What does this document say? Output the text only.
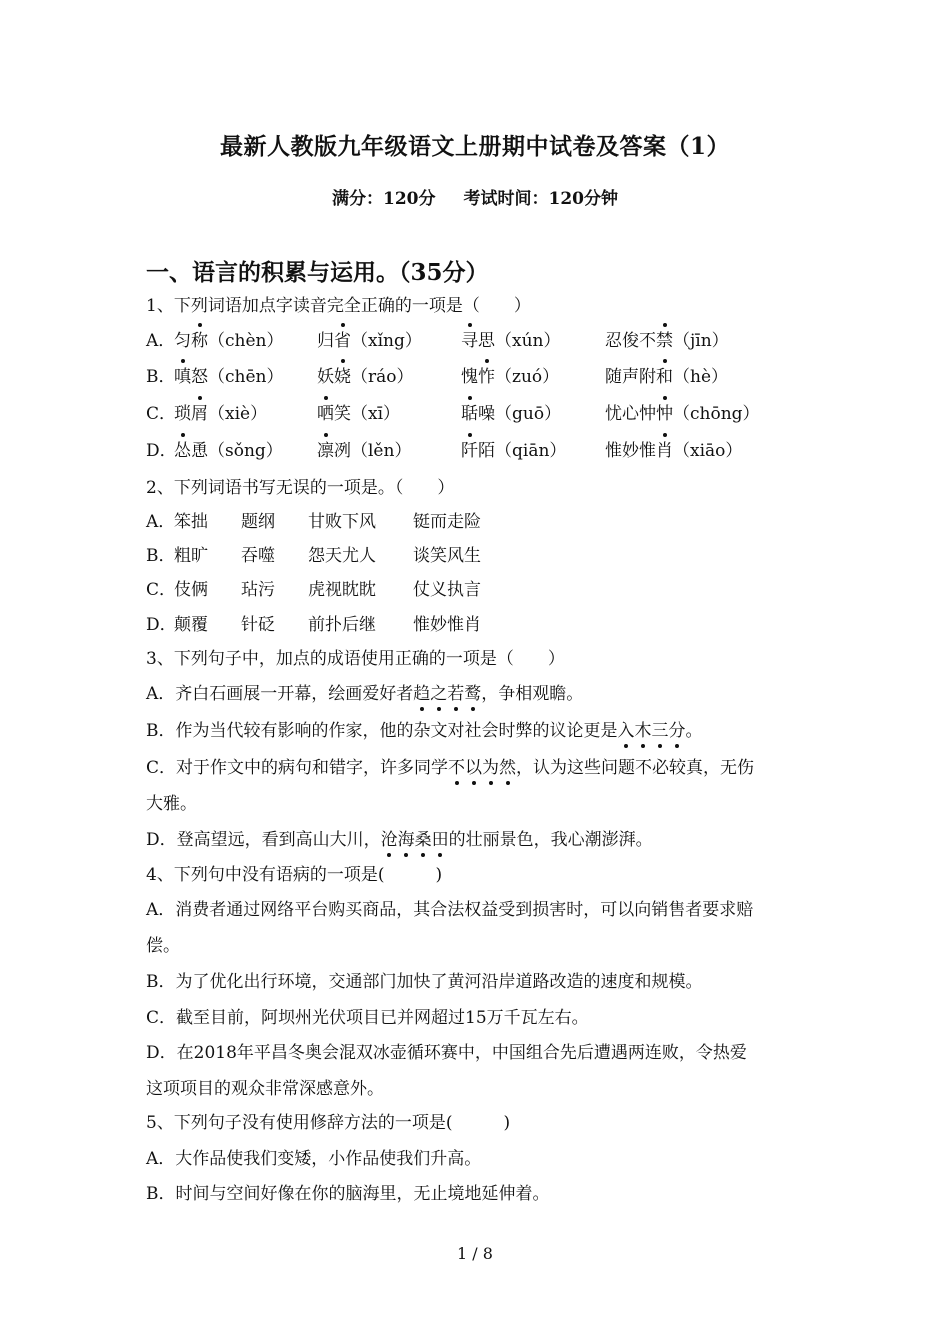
最新人教版九年级语文上册期中试卷及答案（1）
满分：120分 考试时间：120分钟
一、语言的积累与运用。（35分）
1、下列词语加点字读音完全正确的一项是（　　）
A．匀称（chèn） 归省（xǐng） 寻思（xún）	忍俊不禁（jīn）
B．嗔怒（chēn） 妖娆（ráo）	愧怍（zuó）	随声附和（hè）
C．琐屑（xiè）	哂笑（xī）	聒噪（guō）	忧心忡忡（chōng）
D．怂恿（sǒng） 凛冽（lěn）	阡陌（qiān） 惟妙惟肖（xiāo）
2、下列词语书写无误的一项是。（　　）
A．笨拙 题纲 甘败下风 铤而走险
B．粗旷 吞噬 怨天尤人 谈笑风生
C．伎俩 玷污 虎视眈眈 仗义执言
D．颠覆 针砭 前扑后继 惟妙惟肖
3、下列句子中，加点的成语使用正确的一项是（　　）
A．齐白石画展一开幕，绘画爱好者趋之若鹜，争相观瞻。
B．作为当代较有影响的作家，他的杂文对社会时弊的议论更是入木三分。
C．对于作文中的病句和错字，许多同学不以为然，认为这些问题不必较真，无伤
大雅。
D．登高望远，看到高山大川，沧海桑田的壮丽景色，我心潮澎湃。
4、下列句中没有语病的一项是(　　　)
A．消费者通过网络平台购买商品，其合法权益受到损害时，可以向销售者要求赔
偿。
B．为了优化出行环境，交通部门加快了黄河沿岸道路改造的速度和规模。
C．截至目前，阿坝州光伏项目已并网超过15万千瓦左右。
D．在2018年平昌冬奥会混双冰壶循环赛中，中国组合先后遭遇两连败，令热爱
这项项目的观众非常深感意外。
5、下列句子没有使用修辞方法的一项是(　　　)
A．大作品使我们变矮，小作品使我们升高。
B．时间与空间好像在你的脑海里，无止境地延伸着。
1 / 8
